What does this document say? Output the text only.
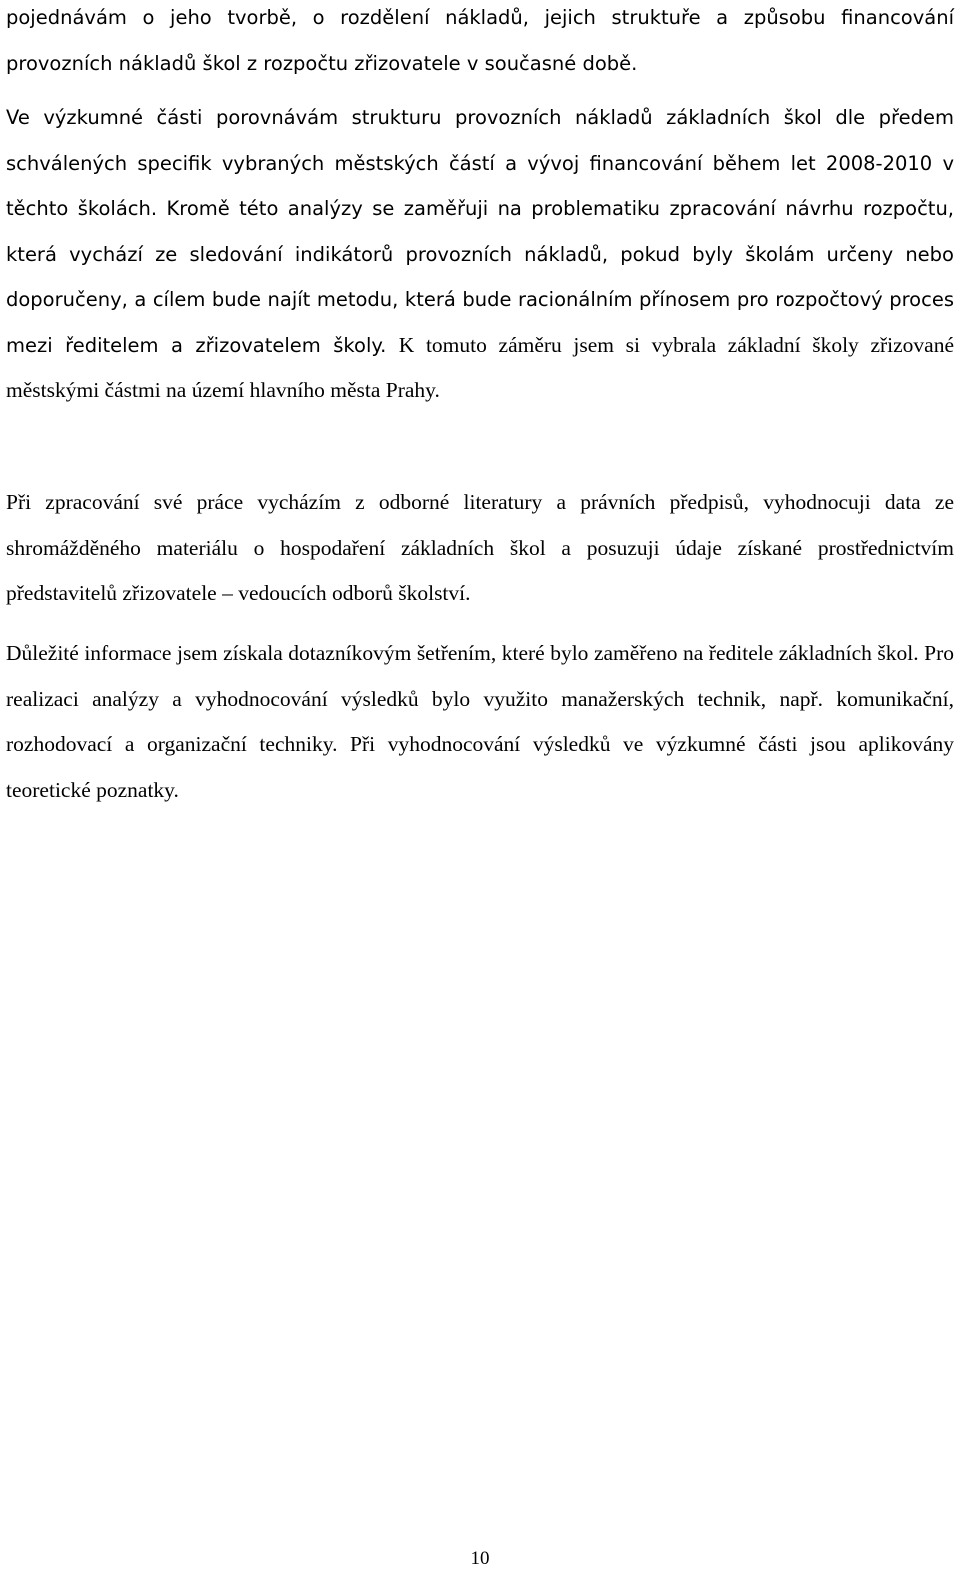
pojednávám o jeho tvorbě, o rozdělení nákladů, jejich struktuře a způsobu financování provozních nákladů škol z rozpočtu zřizovatele v současné době.

Ve výzkumné části porovnávám strukturu provozních nákladů základních škol dle předem schválených specifik vybraných městských částí a vývoj financování během let 2008-2010 v těchto školách. Kromě této analýzy se zaměřuji na problematiku zpracování návrhu rozpočtu, která vychází ze sledování indikátorů provozních nákladů, pokud byly školám určeny nebo doporučeny, a cílem bude najít metodu, která bude racionálním přínosem pro rozpočtový proces mezi ředitelem a zřizovatelem školy. K tomuto záměru jsem si vybrala základní školy zřizované městskými částmi na území hlavního města Prahy.

Při zpracování své práce vycházím z odborné literatury a právních předpisů, vyhodnocuji data ze shromážděného materiálu o hospodaření základních škol a posuzuji údaje získané prostřednictvím představitelů zřizovatele – vedoucích odborů školství.

Důležité informace jsem získala dotazníkovým šetřením, které bylo zaměřeno na ředitele základních škol. Pro realizaci analýzy a vyhodnocování výsledků bylo využito manažerských technik, např. komunikační, rozhodovací a organizační techniky. Při vyhodnocování výsledků ve výzkumné části jsou aplikovány teoretické poznatky.

10
